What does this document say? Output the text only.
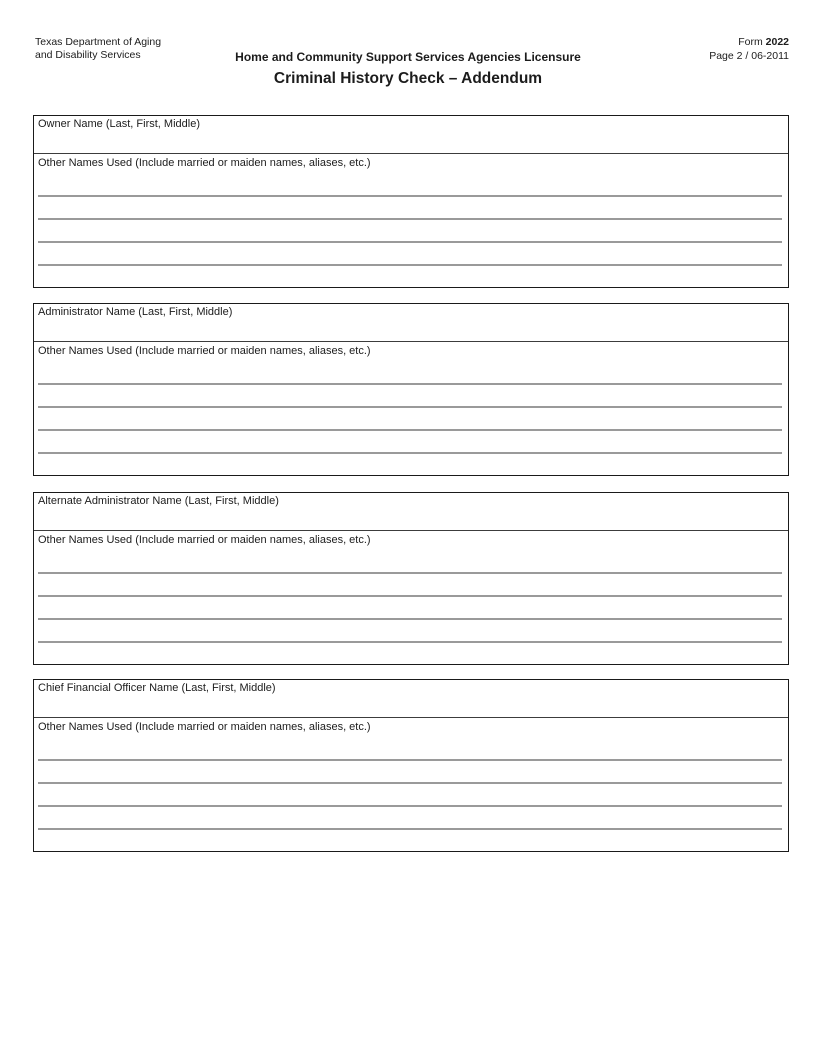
Texas Department of Aging
and Disability Services	Home and Community Support Services Agencies Licensure
Criminal History Check – Addendum
Form 2022
Page 2 / 06-2011
Owner Name (Last, First, Middle)
Other Names Used (Include married or maiden names, aliases, etc.)
Administrator Name (Last, First, Middle)
Other Names Used (Include married or maiden names, aliases, etc.)
Alternate Administrator Name (Last, First, Middle)
Other Names Used (Include married or maiden names, aliases, etc.)
Chief Financial Officer Name (Last, First, Middle)
Other Names Used (Include married or maiden names, aliases, etc.)
